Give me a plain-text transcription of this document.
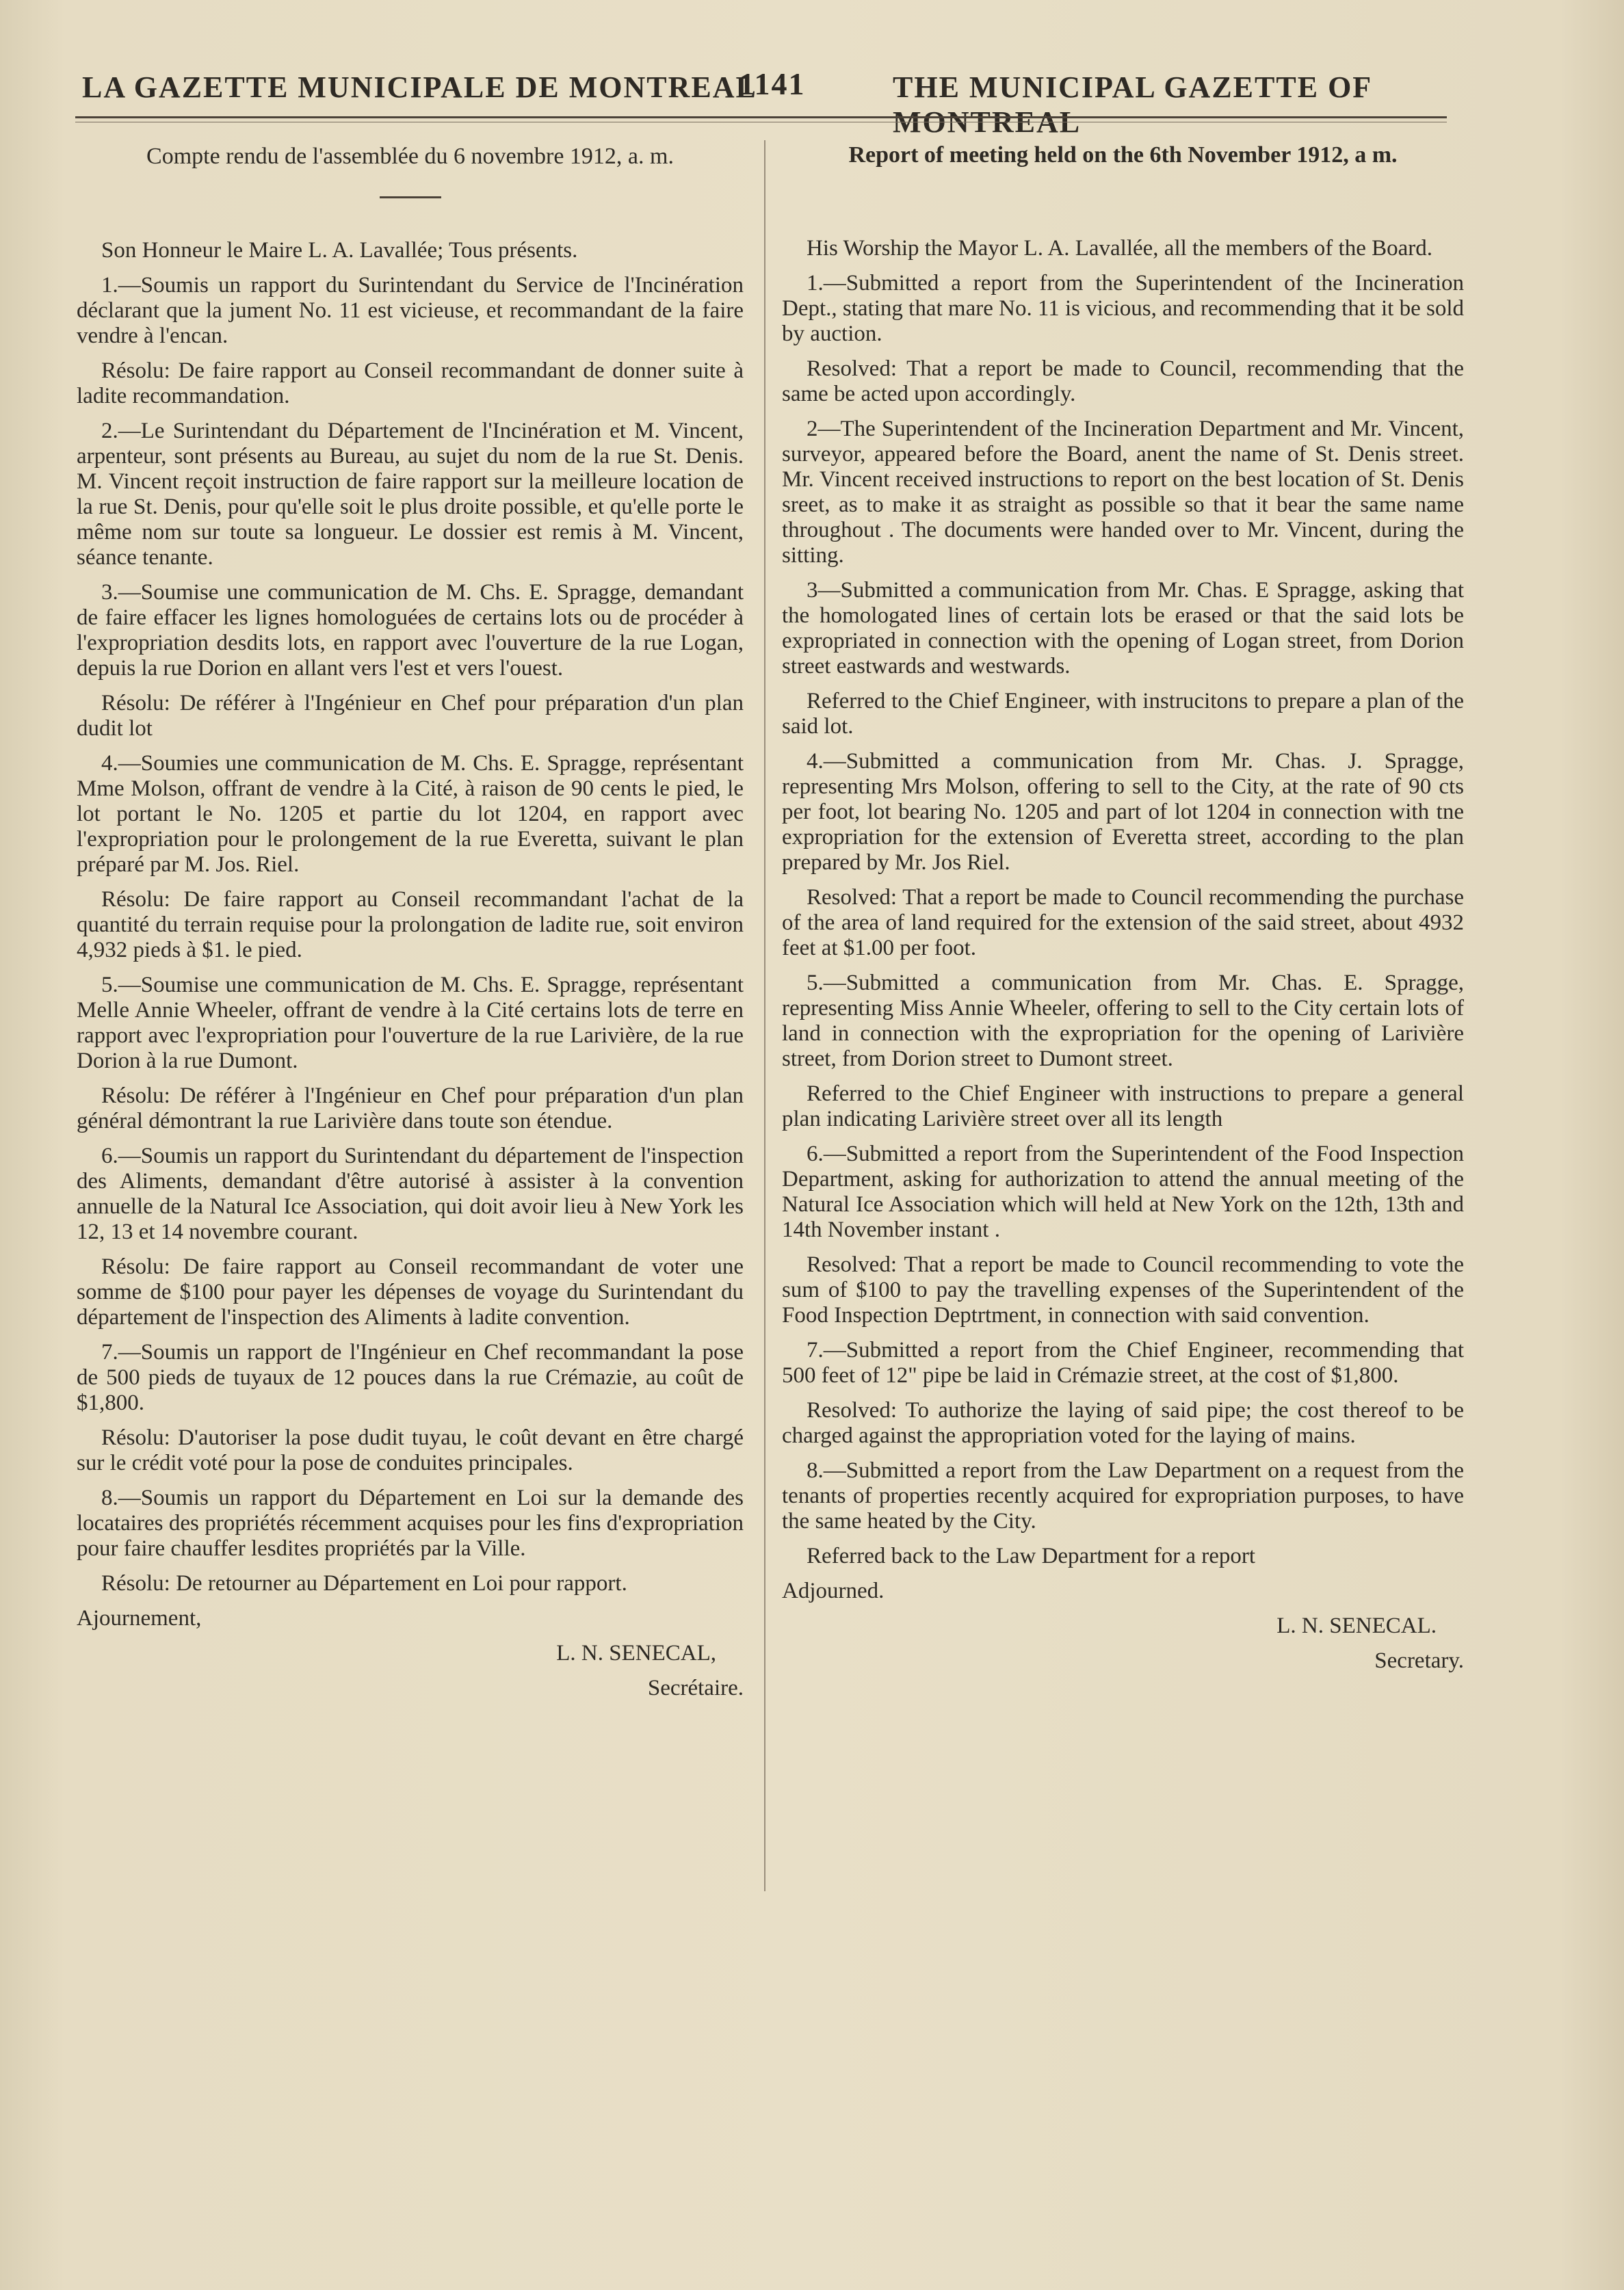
LA GAZETTE MUNICIPALE DE MONTREAL
1141	THE MUNICIPAL GAZETTE OF

Compte rendu de l'assemblée du 6 novembre 1912, a. m.

Son Honneur le Maire L. A. Lavallée; Tous présents.

1.—Soumis un rapport du Surintendant du Service de l'Incinération déclarant que la jument No. 11 est vicieuse, et recommandant de la faire vendre à l'encan.

Résolu: De faire rapport au Conseil recommandant de donner suite à ladite recommandation.

2.—Le Surintendant du Département de l'Incinération et M. Vincent, arpenteur, sont présents au Bureau, au sujet du nom de la rue St. Denis. M. Vincent reçoit instruction de faire rapport sur la meilleure location de la rue St. Denis, pour qu'elle soit le plus droite possible, et qu'elle porte le même nom sur toute sa longueur. Le dossier est remis à M. Vincent, séance tenante.

3.—Soumise une communication de M. Chs. E. Spragge, demandant de faire effacer les lignes homologuées de certains lots ou de procéder à l'expropriation desdits lots, en rapport avec l'ouverture de la rue Logan, depuis la rue Dorion en allant vers l'est et vers l'ouest.

Résolu: De référer à l'Ingénieur en Chef pour préparation d'un plan dudit lot

4.—Soumies une communication de M. Chs. E. Spragge, représentant Mme Molson, offrant de vendre à la Cité, à raison de 90 cents le pied, le lot portant le No. 1205 et partie du lot 1204, en rapport avec l'expropriation pour le prolongement de la rue Everetta, suivant le plan préparé par M. Jos. Riel.

Résolu: De faire rapport au Conseil recommandant l'achat de la quantité du terrain requise pour la prolongation de ladite rue, soit environ 4,932 pieds à $1. le pied.

5.—Soumise une communication de M. Chs. E. Spragge, représentant Melle Annie Wheeler, offrant de vendre à la Cité certains lots de terre en rapport avec l'expropriation pour l'ouverture de la rue Larivière, de la rue Dorion à la rue Dumont.

Résolu: De référer à l'Ingénieur en Chef pour préparation d'un plan général démontrant la rue Larivière dans toute son étendue.

6.—Soumis un rapport du Surintendant du département de l'inspection des Aliments, demandant d'être autorisé à assister à la convention annuelle de la Natural Ice Association, qui doit avoir lieu à New York les 12, 13 et 14 novembre courant.

Résolu: De faire rapport au Conseil recommandant de voter une somme de $100 pour payer les dépenses de voyage du Surintendant du département de l'inspection des Aliments à ladite convention.

7.—Soumis un rapport de l'Ingénieur en Chef recommandant la pose de 500 pieds de tuyaux de 12 pouces dans la rue Crémazie, au coût de $1,800.

Résolu: D'autoriser la pose dudit tuyau, le coût devant en être chargé sur le crédit voté pour la pose de conduites principales.

8.—Soumis un rapport du Département en Loi sur la demande des locataires des propriétés récemment acquises pour les fins d'expropriation pour faire chauffer lesdites propriétés par la Ville.

Résolu: De retourner au Département en Loi pour rapport.

Ajournement,

L. N. SENECAL,

Secrétaire.

Report of meeting held on the 6th November 1912, a m.

His Worship the Mayor L. A. Lavallée, all the members of the Board.

1.—Submitted a report from the Superintendent of the Incineration Dept., stating that mare No. 11 is vicious, and recommending that it be sold by auction.

Resolved: That a report be made to Council, recommending that the same be acted upon accordingly.

2—The Superintendent of the Incineration Department and Mr. Vincent, surveyor, appeared before the Board, anent the name of St. Denis street. Mr. Vincent received instructions to report on the best location of St. Denis sreet, as to make it as straight as possible so that it bear the same name throughout . The documents were handed over to Mr. Vincent, during the sitting.

3—Submitted a communication from Mr. Chas. E Spragge, asking that the homologated lines of certain lots be erased or that the said lots be expropriated in connection with the opening of Logan street, from Dorion street eastwards and westwards.

Referred to the Chief Engineer, with instrucitons to prepare a plan of the said lot.

4.—Submitted a communication from Mr. Chas. J. Spragge, representing Mrs Molson, offering to sell to the City, at the rate of 90 cts per foot, lot bearing No. 1205 and part of lot 1204 in connection with tne expropriation for the extension of Everetta street, according to the plan prepared by Mr. Jos Riel.

Resolved: That a report be made to Council recommending the purchase of the area of land required for the extension of the said street, about 4932 feet at $1.00 per foot.

5.—Submitted a communication from Mr. Chas. E. Spragge, representing Miss Annie Wheeler, offering to sell to the City certain lots of land in connection with the expropriation for the opening of Larivière street, from Dorion street to Dumont street.

Referred to the Chief Engineer with instructions to prepare a general plan indicating Larivière street over all its length

6.—Submitted a report from the Superintendent of the Food Inspection Department, asking for authorization to attend the annual meeting of the Natural Ice Association which will held at New York on the 12th, 13th and 14th November instant .

Resolved: That a report be made to Council recommending to vote the sum of $100 to pay the travelling expenses of the Superintendent of the Food Inspection Deptrtment, in connection with said convention.

7.—Submitted a report from the Chief Engineer, recommending that 500 feet of 12" pipe be laid in Crémazie street, at the cost of $1,800.

Resolved: To authorize the laying of said pipe; the cost thereof to be charged against the appropriation voted for the laying of mains.

8.—Submitted a report from the Law Department on a request from the tenants of properties recently acquired for expropriation purposes, to have the same heated by the City.

Referred back to the Law Department for a report

Adjourned.

L. N. SENECAL.

Secretary.
